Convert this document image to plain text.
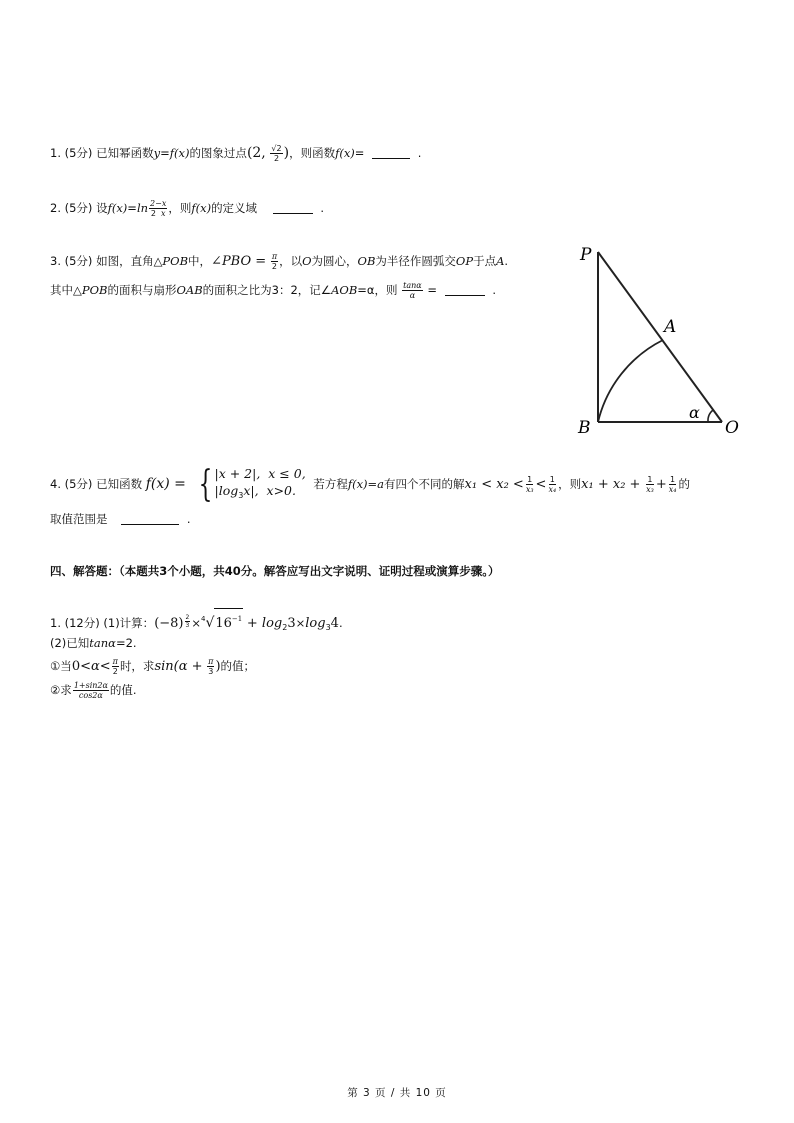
1. (5分) 已知幂函数y=f(x)的图象过点(2, $\frac{√2}{2}$ )，则函数f(x)=	.
2. (5分) 设$f(x)=\ln \frac{2-x}{2 x}$ ，则f(x)的定义域	.
3. (5分) 如图，直角△POB中，∠PBO = $\frac{\pi}{2}$ ，以O为圆心，OB为半径作圆弧交OP于点A.
其中△POB的面积与扇形OAB的面积之比为3：2，记∠AOB=α，则 $\frac{\tan\alpha}{\alpha}$ =	.
P
A
B	O
α
4. (5分) 已知函数 f(x) = { |x + 2|, x ≤ 0,
$|\log_3x|$, x>0.	若方程f(x)=a有四个不同的解$x_1 < x_2 < \frac{1}{\text{x₃}} < \frac{1}{\text{x₄}}$ ，则$x_1 + x_2 + \frac{1}{\text{x₃}} + \frac{1}{\text{x₄}}$ 的
取值范围是	.
四、解答题：（本题共3个小题，共40分。解答应写出文字说明、证明过程或演算步骤。）
1. (12分) (1)计算：$(-8) \frac{2}{3} \times^4√16^{-1} + \log_23\times\log_34$.
(2)已知tanα=2.
①当$0<\alpha< \frac{\pi}{2}$ 时，求$\sin(\alpha + \frac{\pi}{3}$ )的值；
②求 $\frac{1+\sin 2\alpha}{\cos 2\alpha}$ 的值.
第 3 页 / 共 10 页
